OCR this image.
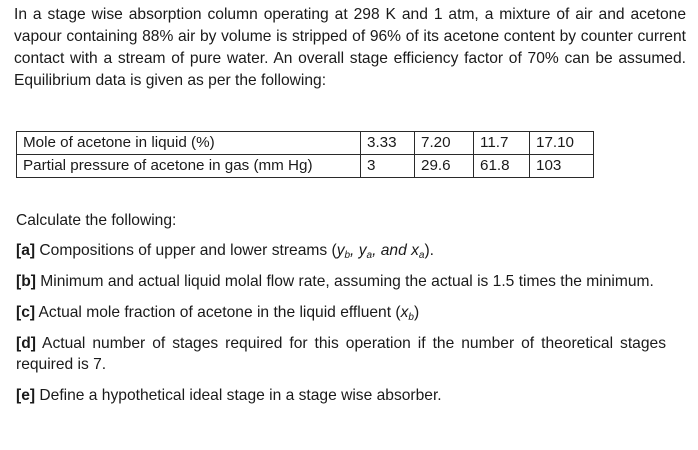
In a stage wise absorption column operating at 298 K and 1 atm, a mixture of air and acetone vapour containing 88% air by volume is stripped of 96% of its acetone content by counter current contact with a stream of pure water. An overall stage efficiency factor of 70% can be assumed. Equilibrium data is given as per the following:

Mole of acetone in liquid (%)	3.33	7.20	11.7	17.10
Partial pressure of acetone in gas (mm Hg)	3	29.6	61.8	103

Calculate the following:

[a] Compositions of upper and lower streams ($y_b$, $y_a$, and $x_a$).

[b] Minimum and actual liquid molal flow rate, assuming the actual is 1.5 times the minimum.

[c] Actual mole fraction of acetone in the liquid effluent $(x_b)$

[d] Actual number of stages required for this operation if the number of theoretical stages required is 7.

[e] Define a hypothetical ideal stage in a stage wise absorber.
